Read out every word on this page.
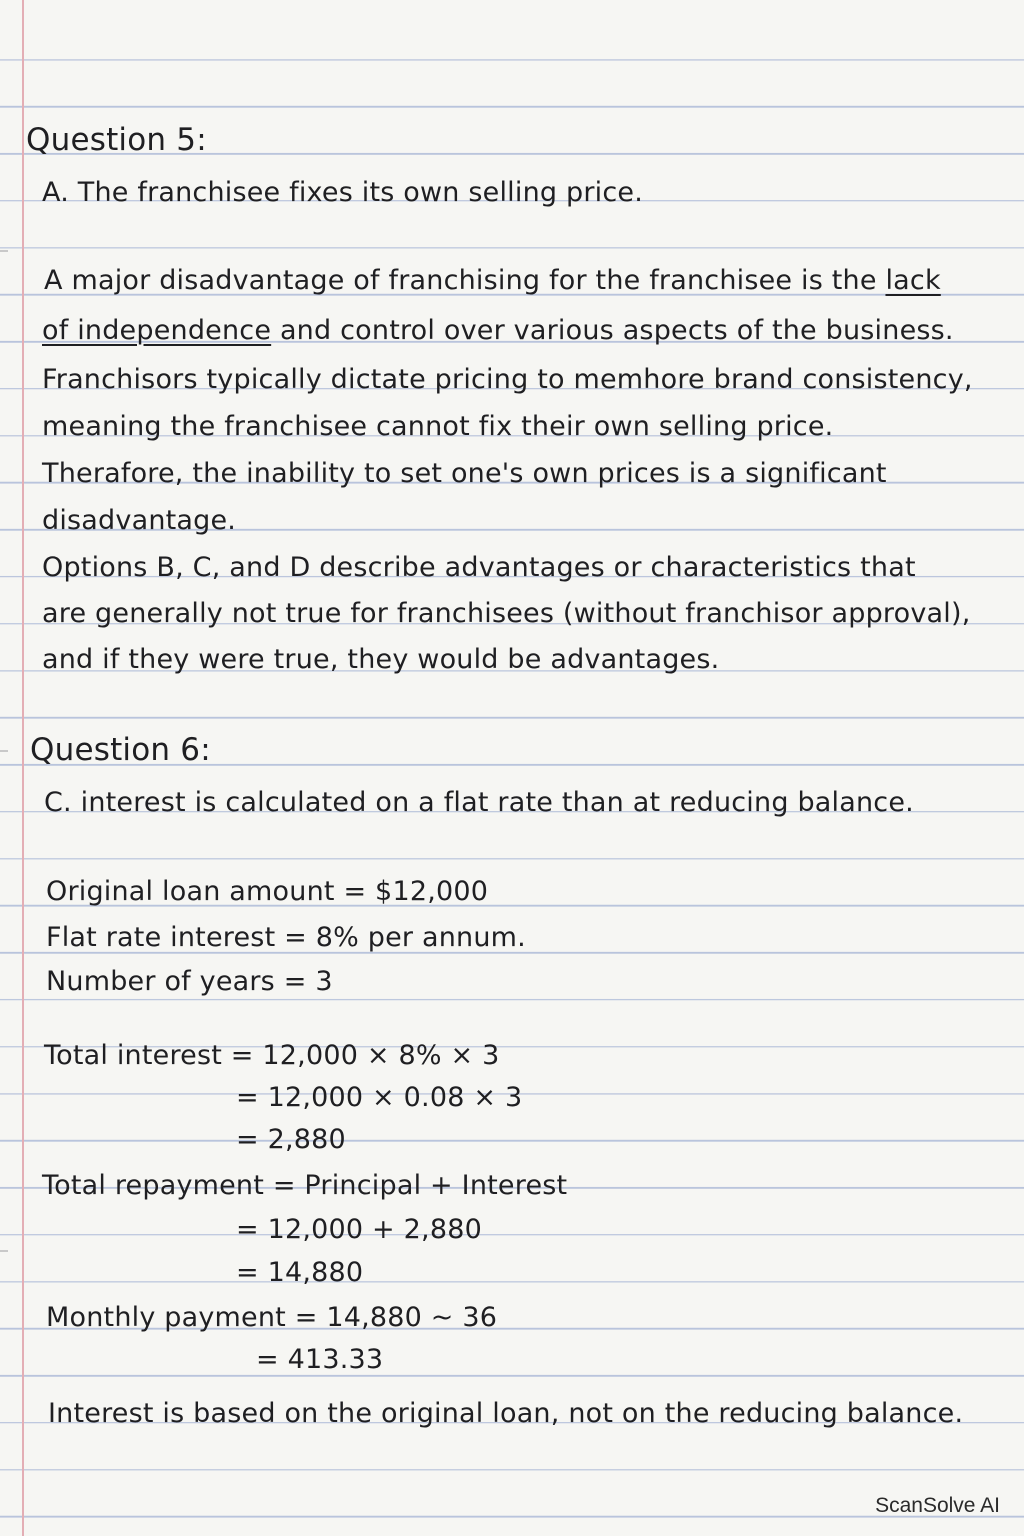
Question 5:
A. The franchisee fixes its own selling price.
A major disadvantage of franchising for the franchisee is the lack
of independence and control over various aspects of the business.
Franchisors typically dictate pricing to memhore brand consistency,
meaning the franchisee cannot fix their own selling price.
Therafore, the inability to set one's own prices is a significant
disadvantage.
Options B, C, and D describe advantages or characteristics that
are generally not true for franchisees (without franchisor approval),
and if they were true, they would be advantages.
Question 6:
C. interest is calculated on a flat rate than at reducing balance.
Original loan amount = $12,000
Flat rate interest = 8% per annum.
Number of years = 3
Total interest = 12,000 × 8% × 3
= 12,000 × 0.08 × 3
= 2,880
Total repayment = Principal + Interest
= 12,000 + 2,880
= 14,880
Monthly payment = 14,880 ~ 36
= 413.33
Interest is based on the original loan, not on the reducing balance.
ScanSolve AI
